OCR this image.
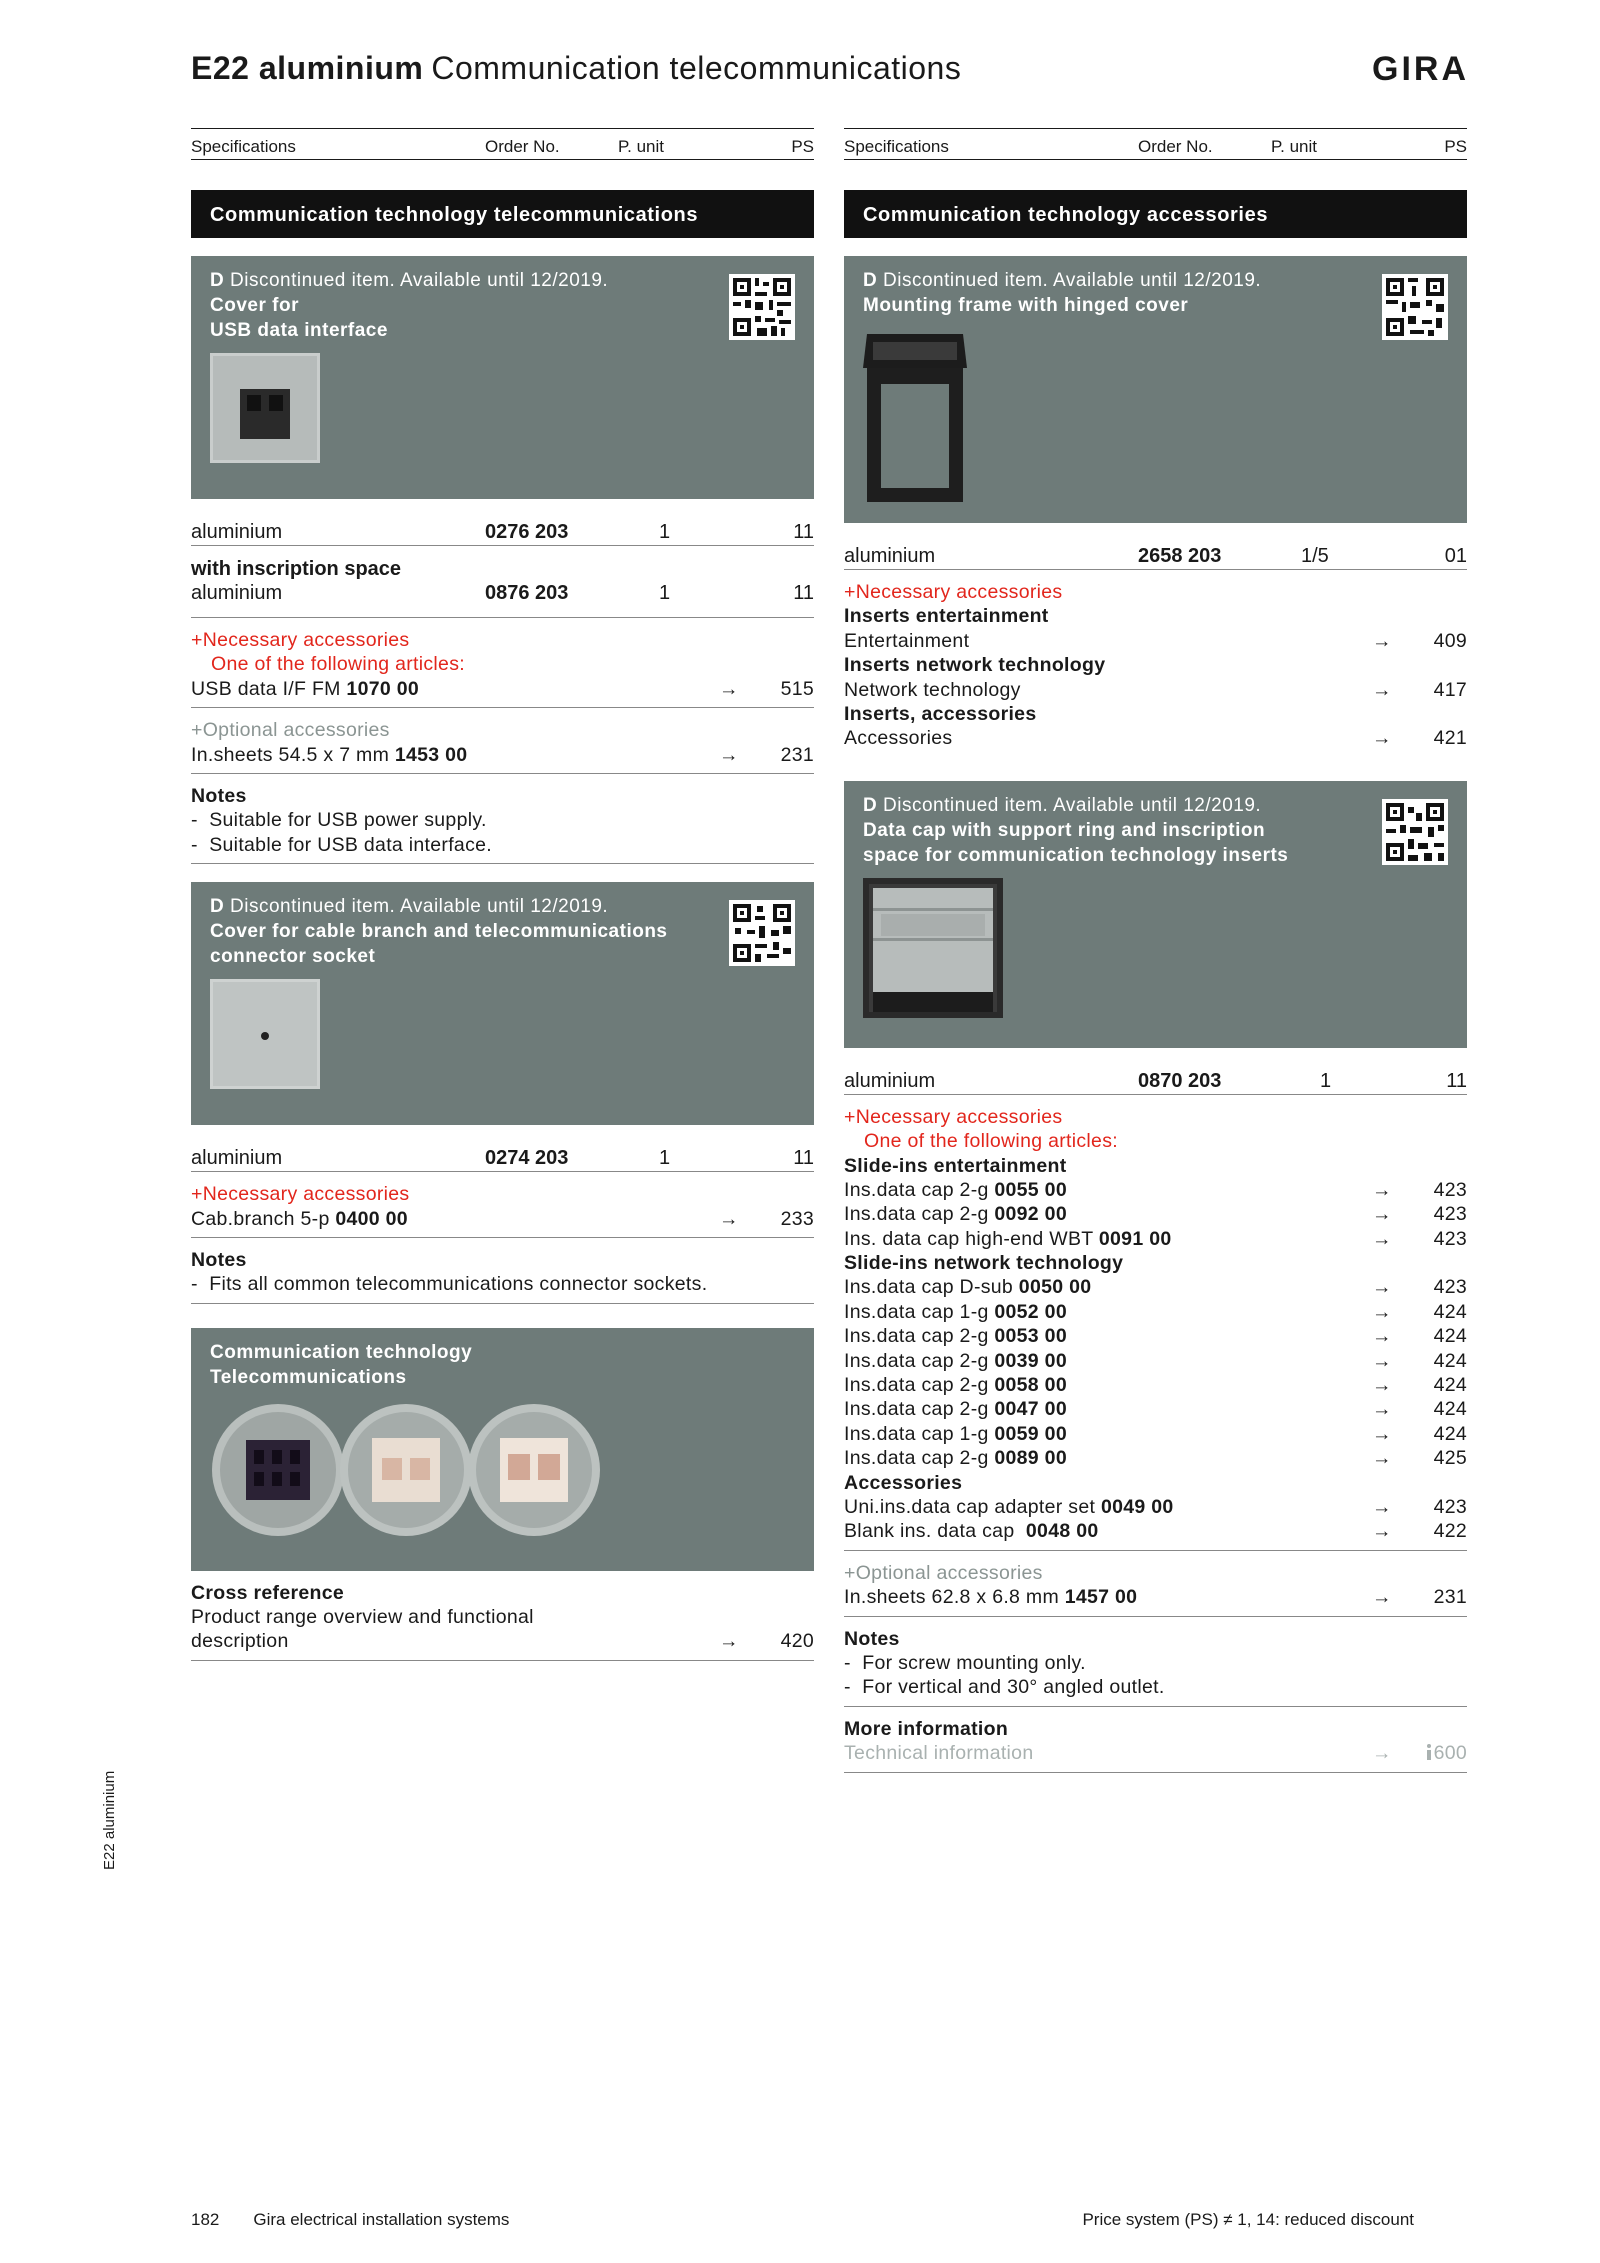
E22 aluminium Communication telecommunications	GIRA
Specifications	Order No.	P. unit	PS
Communication technology telecommunications
D Discontinued item. Available until 12/2019.
Cover for
USB data interface
aluminium	0276 203	1	11
with inscription space
aluminium	0876 203	1	11
+Necessary accessories
One of the following articles:
USB data I/F FM 1070 00	→ 515
+Optional accessories
In.sheets 54.5 x 7 mm 1453 00	→ 231
Notes
- Suitable for USB power supply.
- Suitable for USB data interface.
D Discontinued item. Available until 12/2019.
Cover for cable branch and telecommunications
connector socket
aluminium	0274 203	1	11
+Necessary accessories
Cab.branch 5-p 0400 00	→ 233
Notes
- Fits all common telecommunications connector sockets.
Communication technology
Telecommunications
Cross reference
Product range overview and functional
description	→ 420
Specifications	Order No.	P. unit	PS
Communication technology accessories
D Discontinued item. Available until 12/2019.
Mounting frame with hinged cover
aluminium	2658 203	1/5	01
+Necessary accessories
Inserts entertainment
Entertainment	→ 409
Inserts network technology
Network technology	→ 417
Inserts, accessories
Accessories	→ 421
D Discontinued item. Available until 12/2019.
Data cap with support ring and inscription
space for communication technology inserts
aluminium	0870 203	1	11
+Necessary accessories
One of the following articles:
Slide-ins entertainment
Ins.data cap 2-g 0055 00	→ 423
Ins.data cap 2-g 0092 00	→ 423
Ins. data cap high-end WBT 0091 00	→ 423
Slide-ins network technology
Ins.data cap D-sub 0050 00	→ 423
Ins.data cap 1-g 0052 00	→ 424
Ins.data cap 2-g 0053 00	→ 424
Ins.data cap 2-g 0039 00	→ 424
Ins.data cap 2-g 0058 00	→ 424
Ins.data cap 2-g 0047 00	→ 424
Ins.data cap 1-g 0059 00	→ 424
Ins.data cap 2-g 0089 00	→ 425
Accessories
Uni.ins.data cap adapter set 0049 00	→ 423
Blank ins. data cap  0048 00	→ 422
+Optional accessories
In.sheets 62.8 x 6.8 mm 1457 00	→ 231
Notes
- For screw mounting only.
- For vertical and 30° angled outlet.
More information
Technical information	→	600
E22 aluminium
182 Gira electrical installation systems	Price system (PS) ≠ 1, 14: reduced discount
